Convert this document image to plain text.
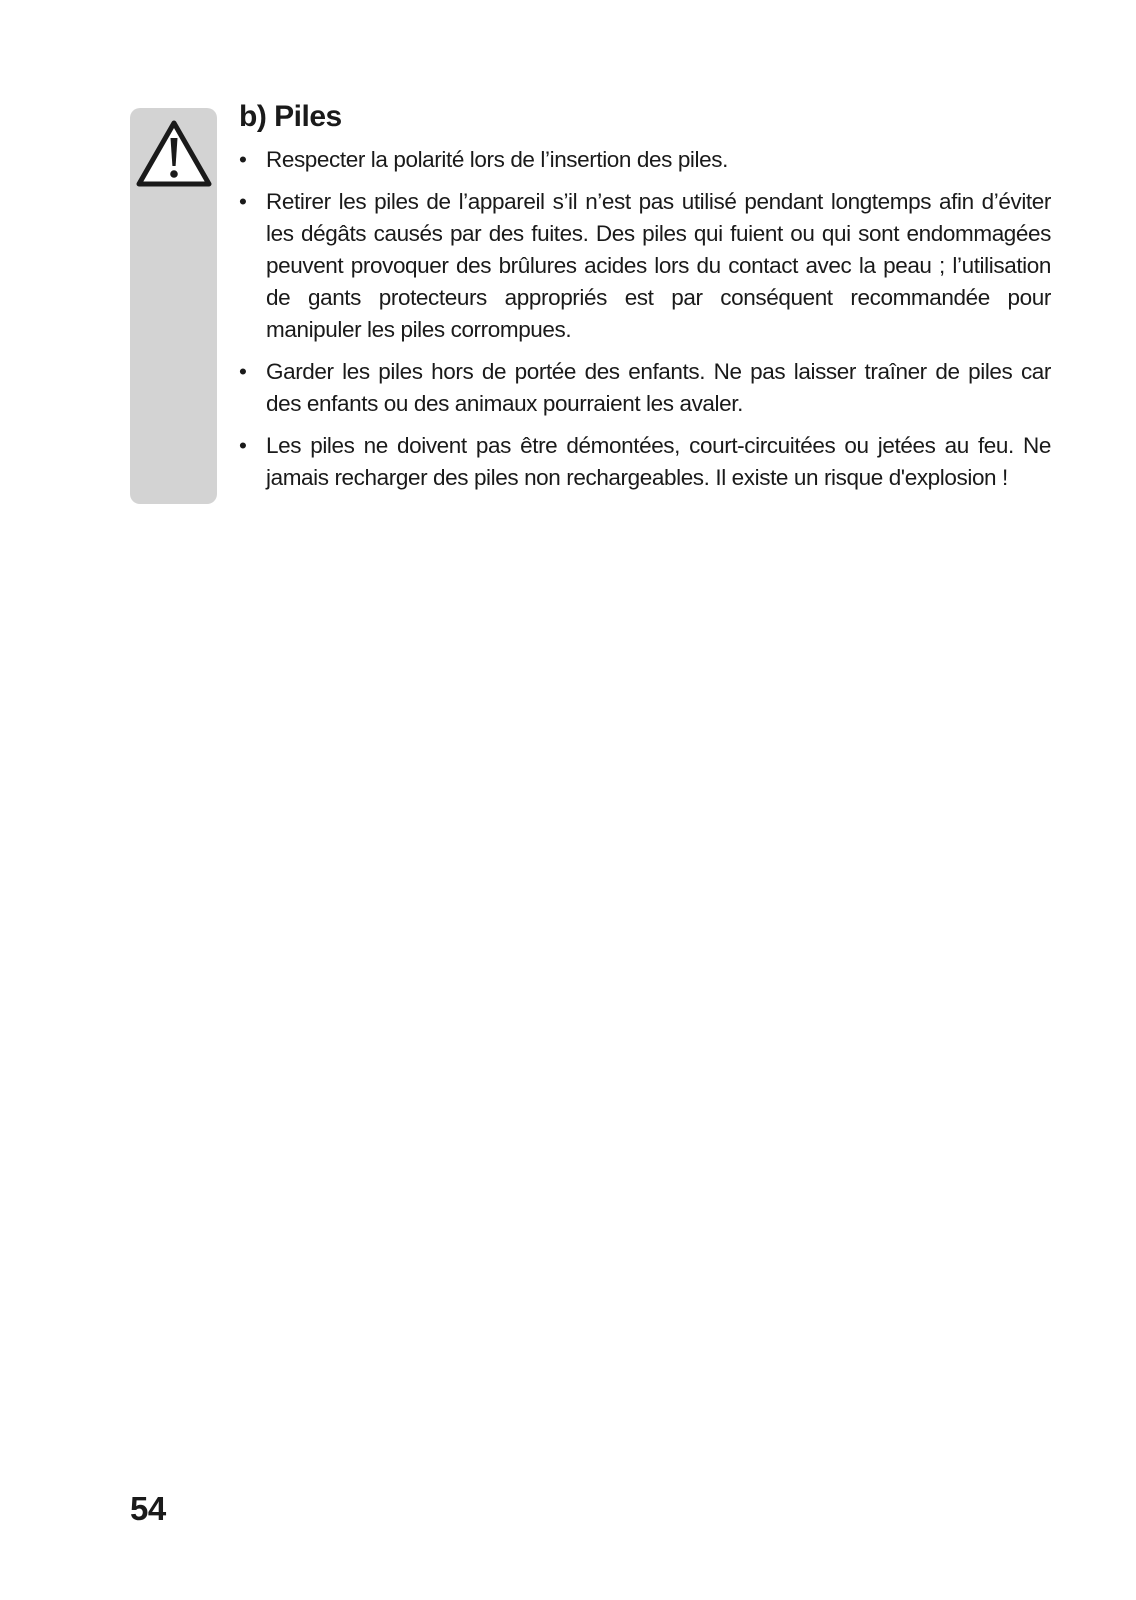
b) Piles
• Respecter la polarité lors de l’insertion des piles.
• Retirer les piles de l’appareil s’il n’est pas utilisé pendant longtemps afin d’éviter les dégâts causés par des fuites. Des piles qui fuient ou qui sont endommagées peuvent provoquer des brûlures acides lors du contact avec la peau ; l’utilisation de gants protecteurs appropriés est par conséquent recommandée pour manipuler les piles corrompues.
• Garder les piles hors de portée des enfants. Ne pas laisser traîner de piles car des enfants ou des animaux pourraient les avaler.
• Les piles ne doivent pas être démontées, court-circuitées ou jetées au feu. Ne jamais recharger des piles non rechargeables. Il existe un risque d'explosion !
54
